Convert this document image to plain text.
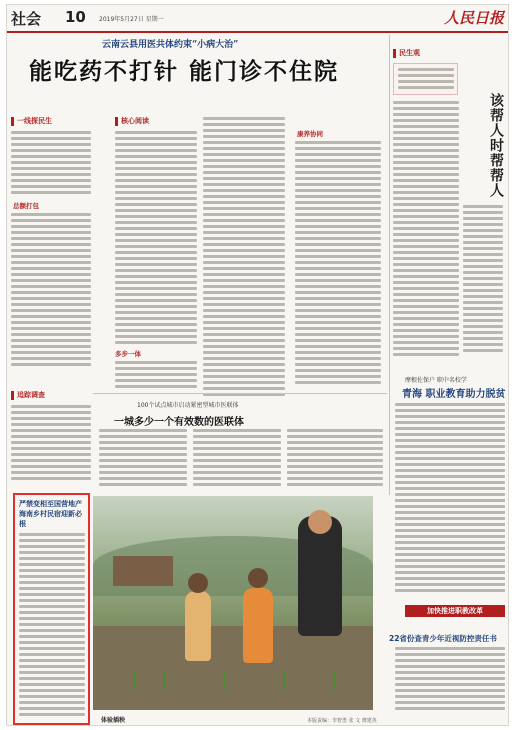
社会 10 2019年5月27日 星期一	人民日报
云南云县用医共体约束“小病大治”
能吃药不打针 能门诊不住院
民生观
该帮人时帮帮人
一线探民生
总额打包
核心阅读
康养协同
多步一体
追踪调查
100个试点城市启动紧密型城市医联体
一城多少一个有效数的医联体
摩根佐保户 职中名校学
青海 职业教育助力脱贫
严禁变相至国营地产 海南乡村民宿迎新必根
体验插秧
加快推进职教改革
22省份查青少年近视防控责任书
本版责编：李智勇 张 文 薄建英
